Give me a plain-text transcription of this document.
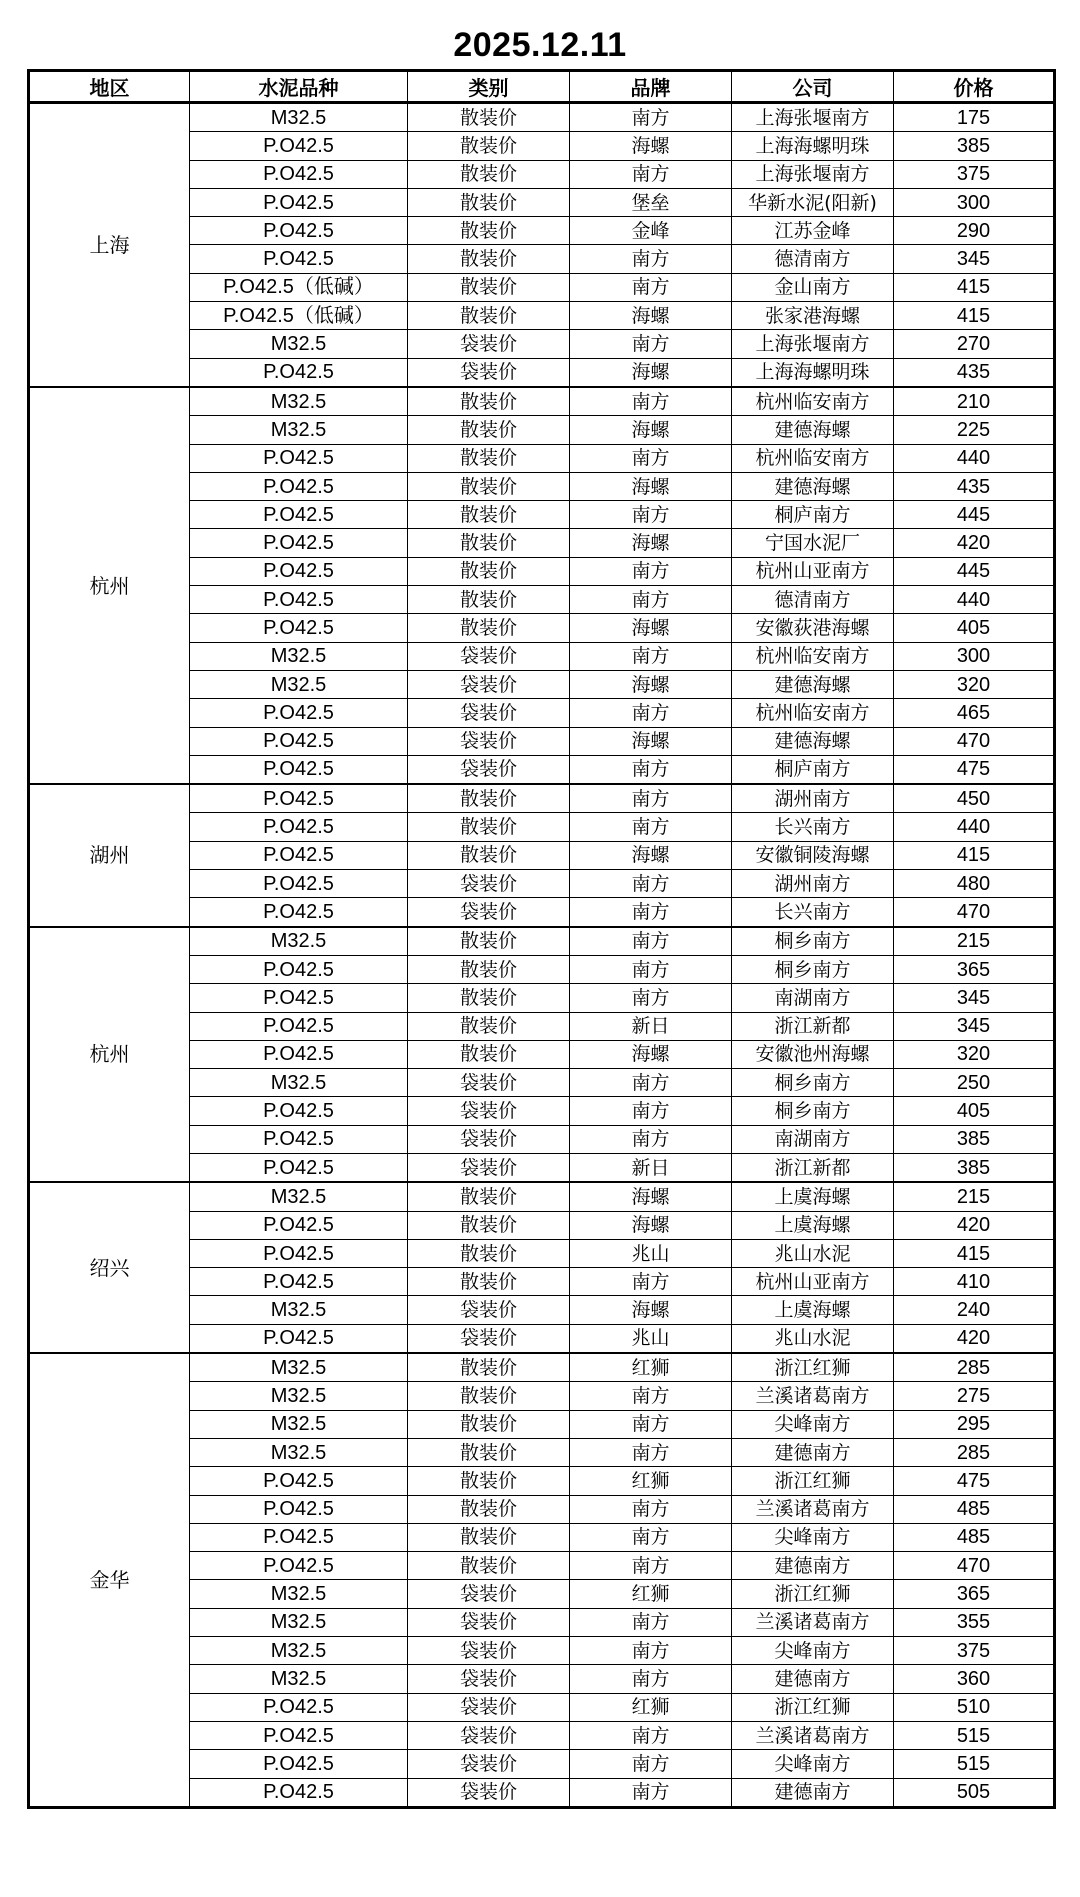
2025.12.11
地区	水泥品种	类别	品牌	公司	价格
上海	M32.5	散装价	南方	上海张堰南方	175
	P.O42.5	散装价	海螺	上海海螺明珠	385
	P.O42.5	散装价	南方	上海张堰南方	375
	P.O42.5	散装价	堡垒	华新水泥(阳新)	300
	P.O42.5	散装价	金峰	江苏金峰	290
	P.O42.5	散装价	南方	德清南方	345
	P.O42.5（低碱）	散装价	南方	金山南方	415
	P.O42.5（低碱）	散装价	海螺	张家港海螺	415
	M32.5	袋装价	南方	上海张堰南方	270
	P.O42.5	袋装价	海螺	上海海螺明珠	435
杭州	M32.5	散装价	南方	杭州临安南方	210
	M32.5	散装价	海螺	建德海螺	225
	P.O42.5	散装价	南方	杭州临安南方	440
	P.O42.5	散装价	海螺	建德海螺	435
	P.O42.5	散装价	南方	桐庐南方	445
	P.O42.5	散装价	海螺	宁国水泥厂	420
	P.O42.5	散装价	南方	杭州山亚南方	445
	P.O42.5	散装价	南方	德清南方	440
	P.O42.5	散装价	海螺	安徽荻港海螺	405
	M32.5	袋装价	南方	杭州临安南方	300
	M32.5	袋装价	海螺	建德海螺	320
	P.O42.5	袋装价	南方	杭州临安南方	465
	P.O42.5	袋装价	海螺	建德海螺	470
	P.O42.5	袋装价	南方	桐庐南方	475
湖州	P.O42.5	散装价	南方	湖州南方	450
	P.O42.5	散装价	南方	长兴南方	440
	P.O42.5	散装价	海螺	安徽铜陵海螺	415
	P.O42.5	袋装价	南方	湖州南方	480
	P.O42.5	袋装价	南方	长兴南方	470
杭州	M32.5	散装价	南方	桐乡南方	215
	P.O42.5	散装价	南方	桐乡南方	365
	P.O42.5	散装价	南方	南湖南方	345
	P.O42.5	散装价	新日	浙江新都	345
	P.O42.5	散装价	海螺	安徽池州海螺	320
	M32.5	袋装价	南方	桐乡南方	250
	P.O42.5	袋装价	南方	桐乡南方	405
	P.O42.5	袋装价	南方	南湖南方	385
	P.O42.5	袋装价	新日	浙江新都	385
绍兴	M32.5	散装价	海螺	上虞海螺	215
	P.O42.5	散装价	海螺	上虞海螺	420
	P.O42.5	散装价	兆山	兆山水泥	415
	P.O42.5	散装价	南方	杭州山亚南方	410
	M32.5	袋装价	海螺	上虞海螺	240
	P.O42.5	袋装价	兆山	兆山水泥	420
金华	M32.5	散装价	红狮	浙江红狮	285
	M32.5	散装价	南方	兰溪诸葛南方	275
	M32.5	散装价	南方	尖峰南方	295
	M32.5	散装价	南方	建德南方	285
	P.O42.5	散装价	红狮	浙江红狮	475
	P.O42.5	散装价	南方	兰溪诸葛南方	485
	P.O42.5	散装价	南方	尖峰南方	485
	P.O42.5	散装价	南方	建德南方	470
	M32.5	袋装价	红狮	浙江红狮	365
	M32.5	袋装价	南方	兰溪诸葛南方	355
	M32.5	袋装价	南方	尖峰南方	375
	M32.5	袋装价	南方	建德南方	360
	P.O42.5	袋装价	红狮	浙江红狮	510
	P.O42.5	袋装价	南方	兰溪诸葛南方	515
	P.O42.5	袋装价	南方	尖峰南方	515
	P.O42.5	袋装价	南方	建德南方	505
